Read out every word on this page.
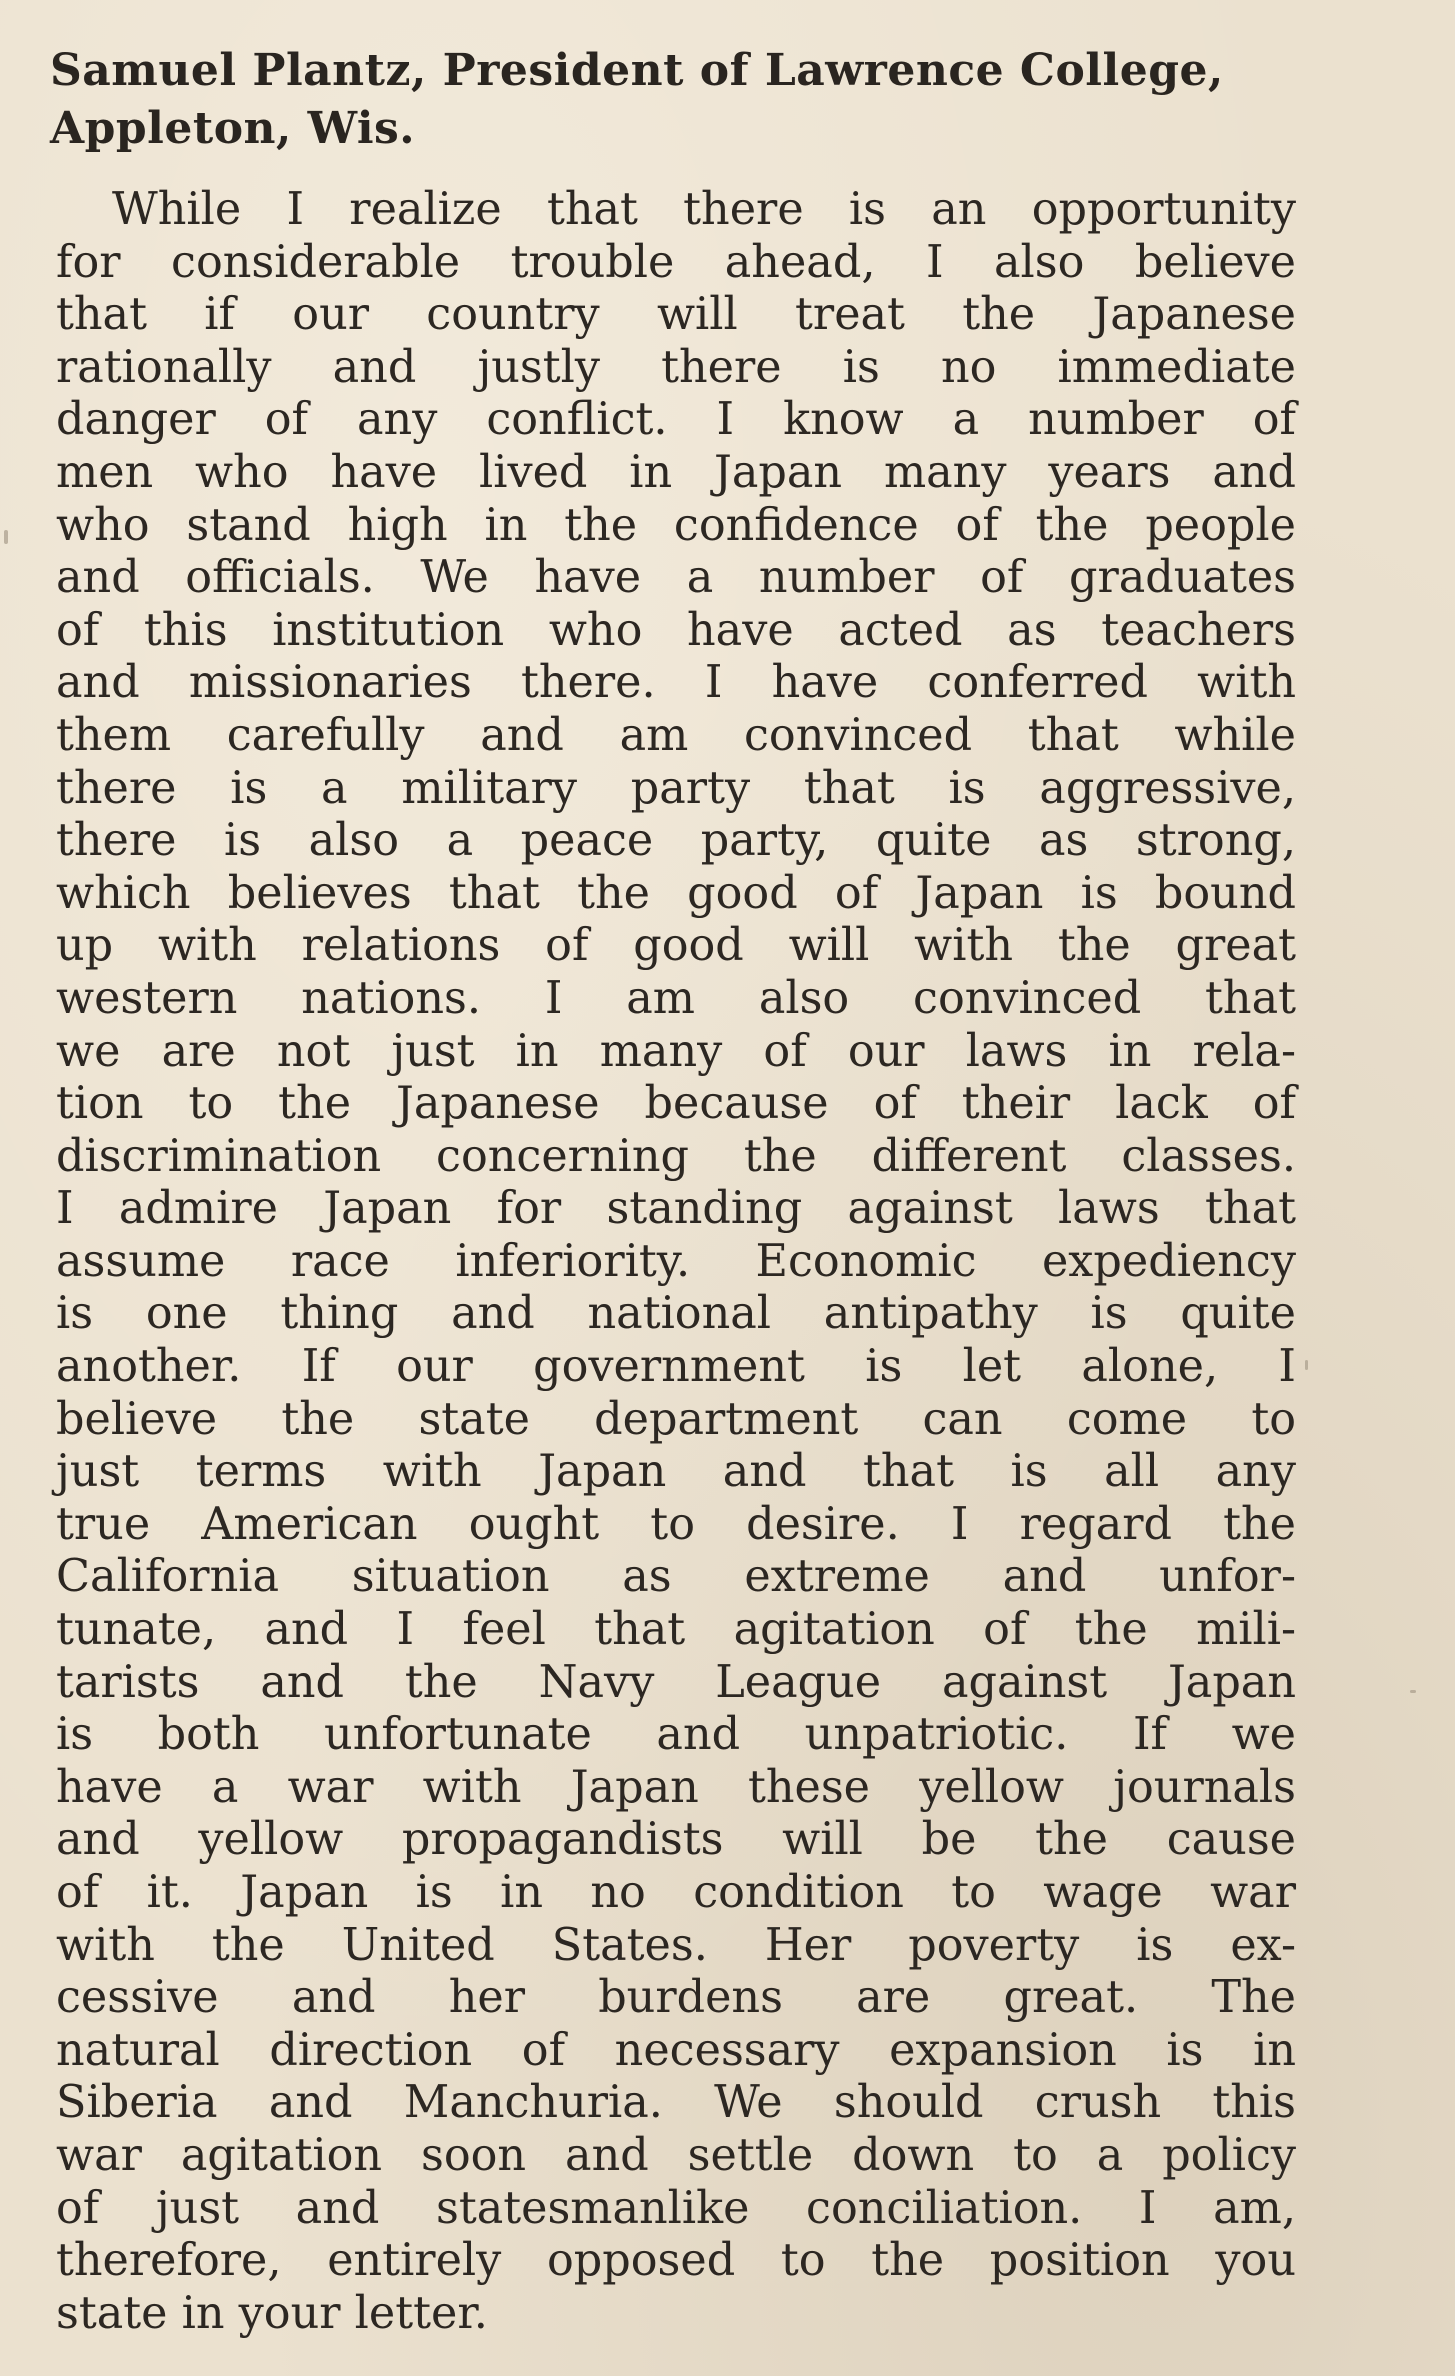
Samuel Plantz, President of Lawrence College,
Appleton, Wis.
While I realize that there is an opportunity
for considerable trouble ahead, I also believe
that if our country will treat the Japanese
rationally and justly there is no immediate
danger of any conflict. I know a number of
men who have lived in Japan many years and
who stand high in the confidence of the people
and officials. We have a number of graduates
of this institution who have acted as teachers
and missionaries there. I have conferred with
them carefully and am convinced that while
there is a military party that is aggressive,
there is also a peace party, quite as strong,
which believes that the good of Japan is bound
up with relations of good will with the great
western nations. I am also convinced that
we are not just in many of our laws in rela-
tion to the Japanese because of their lack of
discrimination concerning the different classes.
I admire Japan for standing against laws that
assume race inferiority. Economic expediency
is one thing and national antipathy is quite
another. If our government is let alone, I
believe the state department can come to
just terms with Japan and that is all any
true American ought to desire. I regard the
California situation as extreme and unfor-
tunate, and I feel that agitation of the mili-
tarists and the Navy League against Japan
is both unfortunate and unpatriotic. If we
have a war with Japan these yellow journals
and yellow propagandists will be the cause
of it. Japan is in no condition to wage war
with the United States. Her poverty is ex-
cessive and her burdens are great. The
natural direction of necessary expansion is in
Siberia and Manchuria. We should crush this
war agitation soon and settle down to a policy
of just and statesmanlike conciliation. I am,
therefore, entirely opposed to the position you
state in your letter.
